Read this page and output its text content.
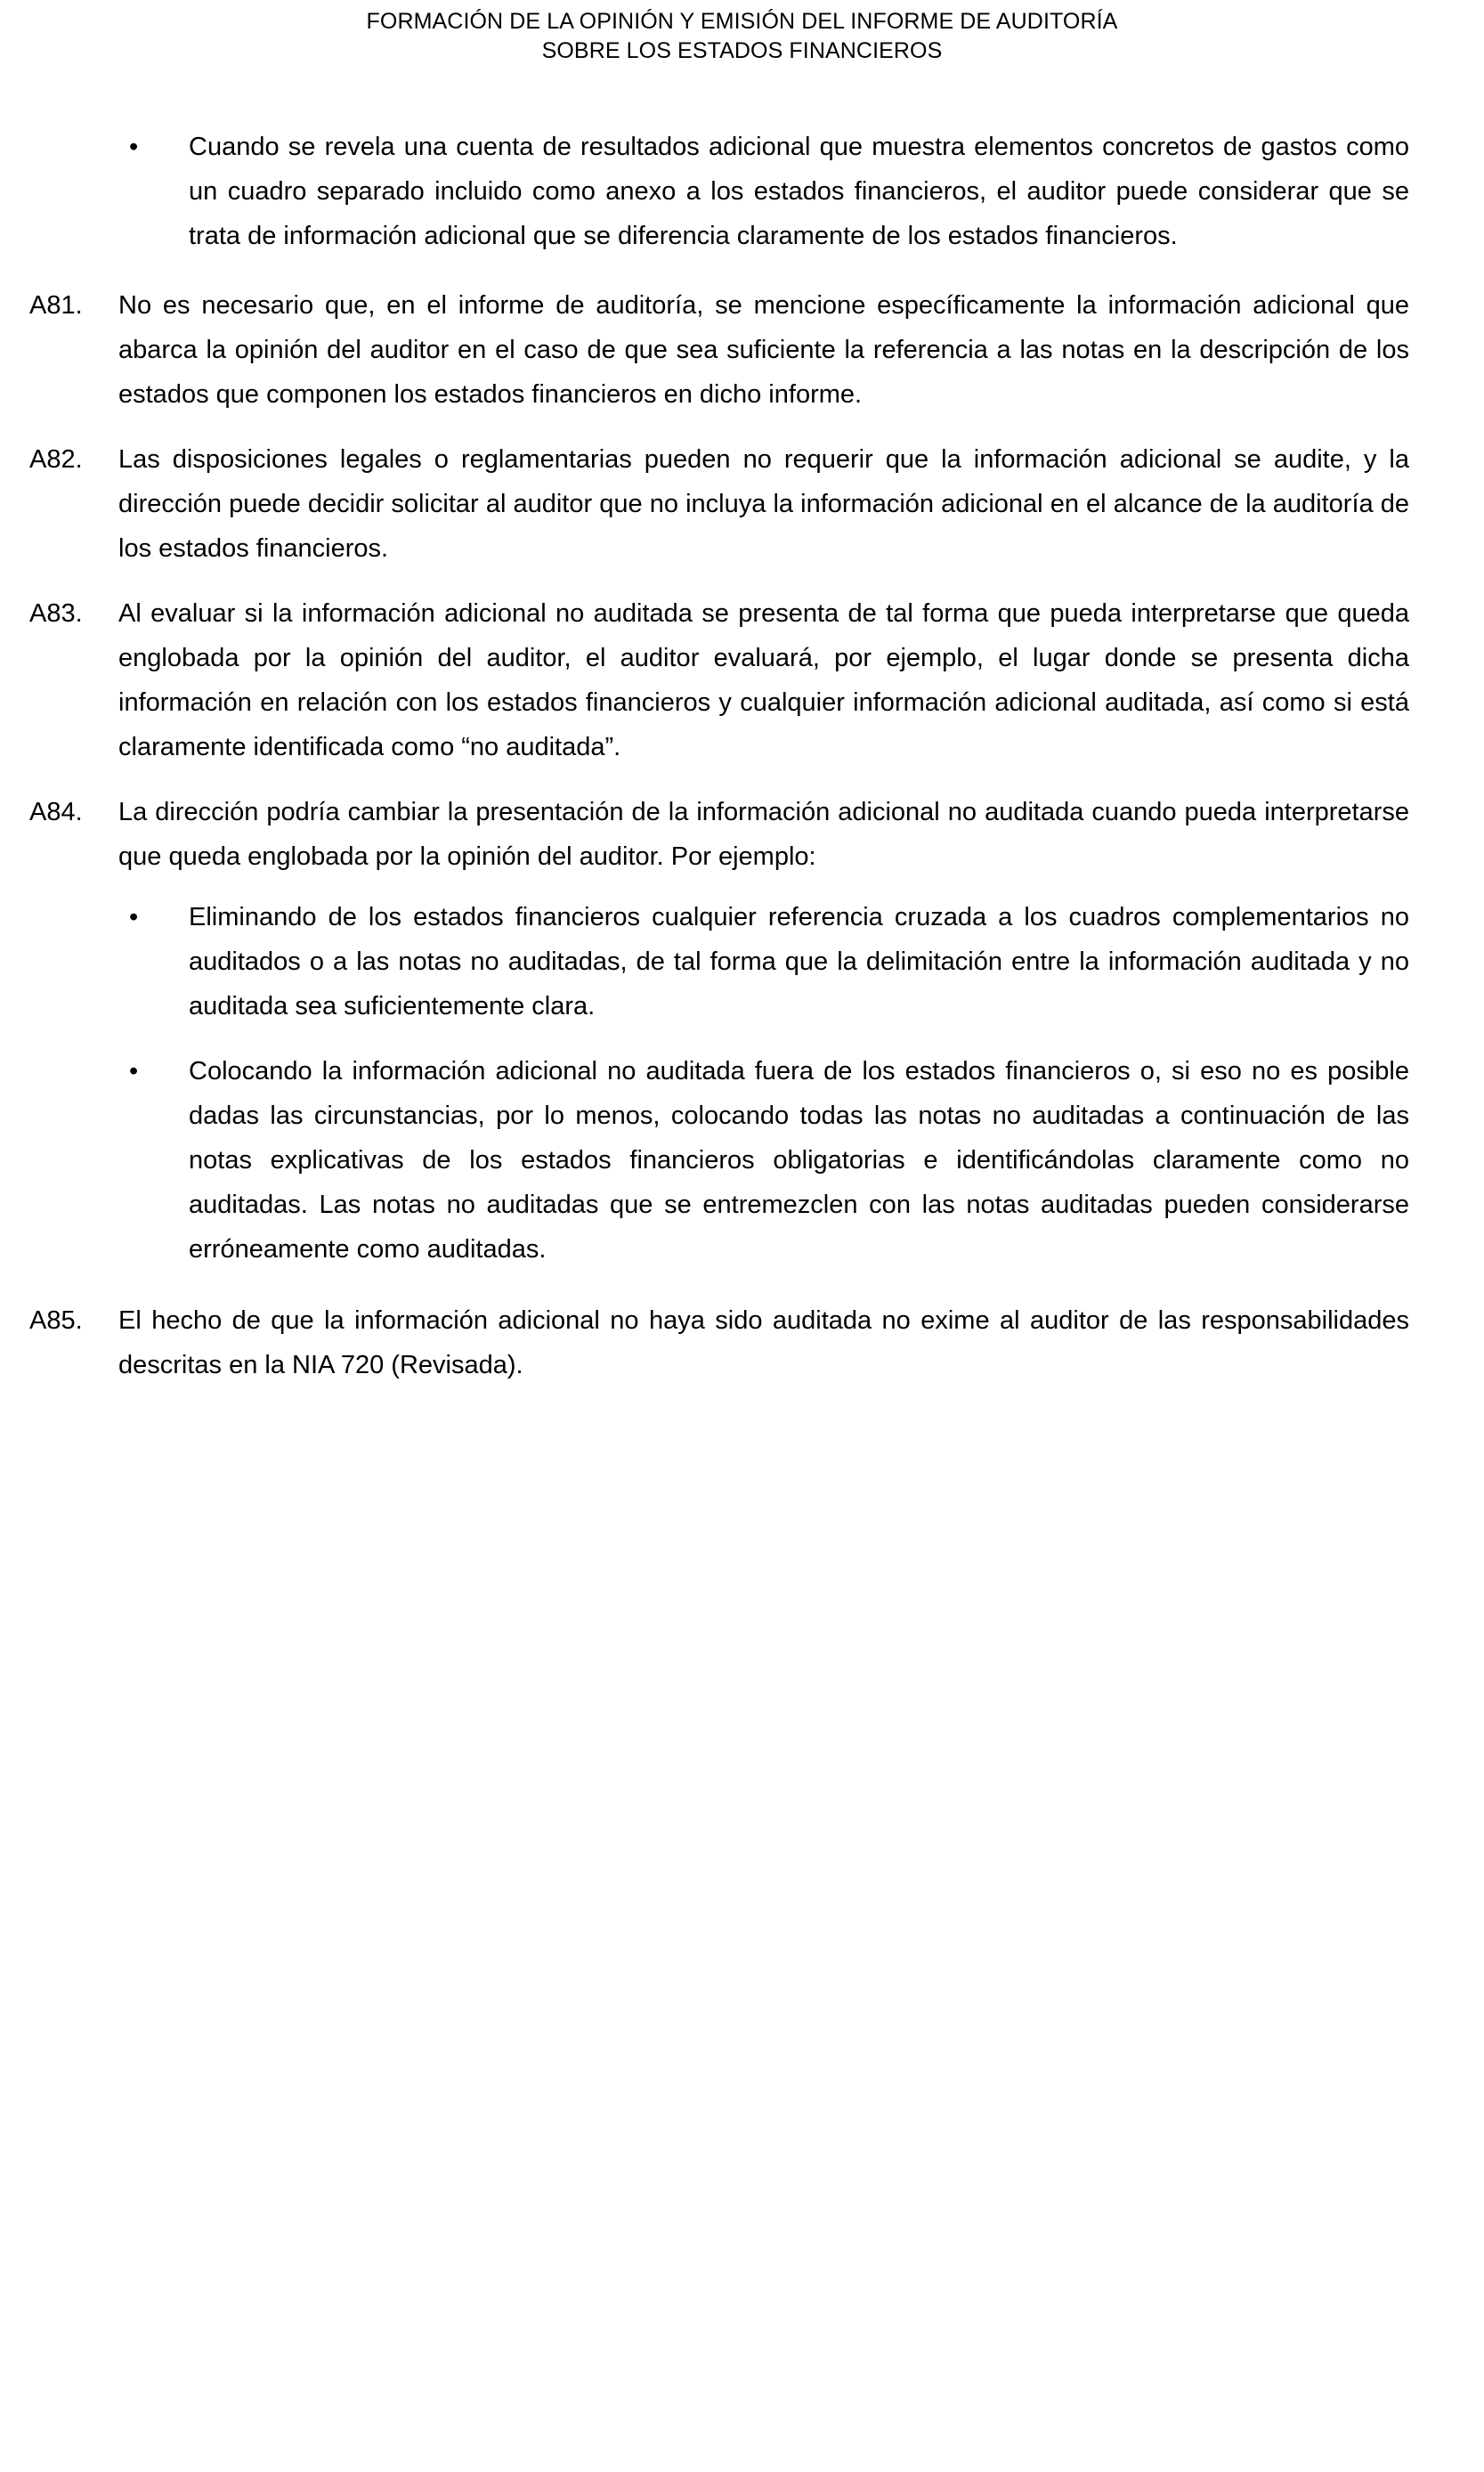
FORMACIÓN DE LA OPINIÓN Y EMISIÓN DEL INFORME DE AUDITORÍA
SOBRE LOS ESTADOS FINANCIEROS
• Cuando se revela una cuenta de resultados adicional que muestra elementos concretos de gastos como un cuadro separado incluido como anexo a los estados financieros, el auditor puede considerar que se trata de información adicional que se diferencia claramente de los estados financieros.
A81.	No es necesario que, en el informe de auditoría, se mencione específicamente la información adicional que abarca la opinión del auditor en el caso de que sea suficiente la referencia a las notas en la descripción de los estados que componen los estados financieros en dicho informe.
A82.	Las disposiciones legales o reglamentarias pueden no requerir que la información adicional se audite, y la dirección puede decidir solicitar al auditor que no incluya la información adicional en el alcance de la auditoría de los estados financieros.
A83.	Al evaluar si la información adicional no auditada se presenta de tal forma que pueda interpretarse que queda englobada por la opinión del auditor, el auditor evaluará, por ejemplo, el lugar donde se presenta dicha información en relación con los estados financieros y cualquier información adicional auditada, así como si está claramente identificada como “no auditada”.
A84.	La dirección podría cambiar la presentación de la información adicional no auditada cuando pueda interpretarse que queda englobada por la opinión del auditor. Por ejemplo:
• Eliminando de los estados financieros cualquier referencia cruzada a los cuadros complementarios no auditados o a las notas no auditadas, de tal forma que la delimitación entre la información auditada y no auditada sea suficientemente clara.
• Colocando la información adicional no auditada fuera de los estados financieros o, si eso no es posible dadas las circunstancias, por lo menos, colocando todas las notas no auditadas a continuación de las notas explicativas de los estados financieros obligatorias e identificándolas claramente como no auditadas. Las notas no auditadas que se entremezclen con las notas auditadas pueden considerarse erróneamente como auditadas.
A85.	El hecho de que la información adicional no haya sido auditada no exime al auditor de las responsabilidades descritas en la NIA 720 (Revisada).
